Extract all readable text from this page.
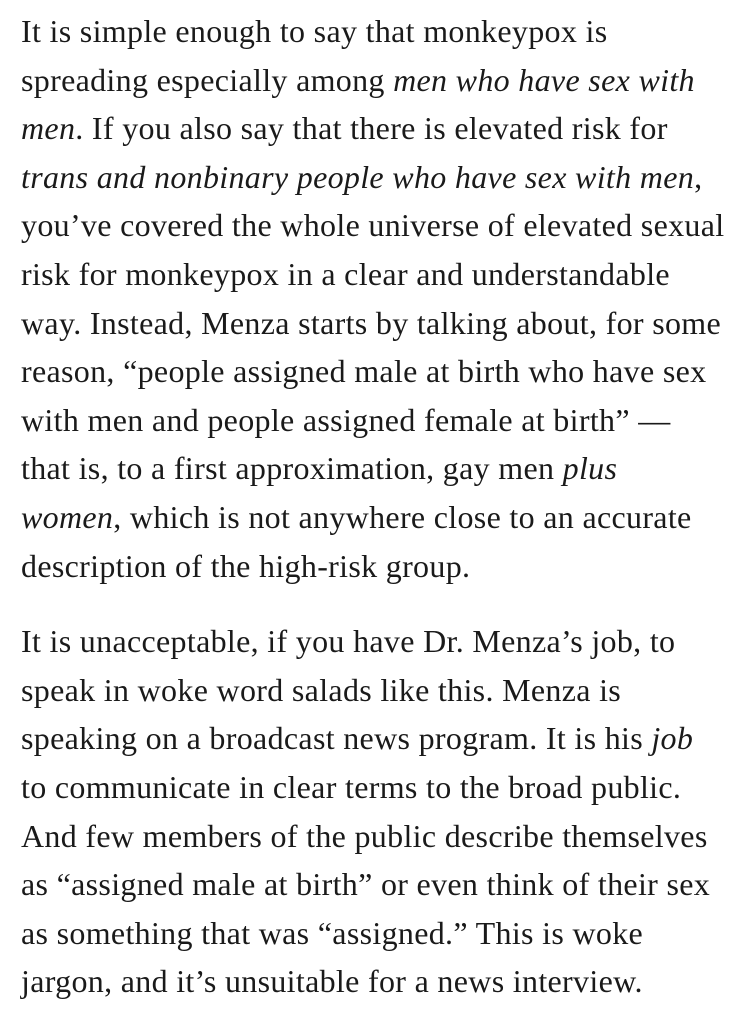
It is simple enough to say that monkeypox is spreading especially among men who have sex with men. If you also say that there is elevated risk for trans and nonbinary people who have sex with men, you’ve covered the whole universe of elevated sexual risk for monkeypox in a clear and understandable way. Instead, Menza starts by talking about, for some reason, “people assigned male at birth who have sex with men and people assigned female at birth” — that is, to a first approximation, gay men plus women, which is not anywhere close to an accurate description of the high-risk group.

It is unacceptable, if you have Dr. Menza’s job, to speak in woke word salads like this. Menza is speaking on a broadcast news program. It is his job to communicate in clear terms to the broad public. And few members of the public describe themselves as “assigned male at birth” or even think of their sex as something that was “assigned.” This is woke jargon, and it’s unsuitable for a news interview.
